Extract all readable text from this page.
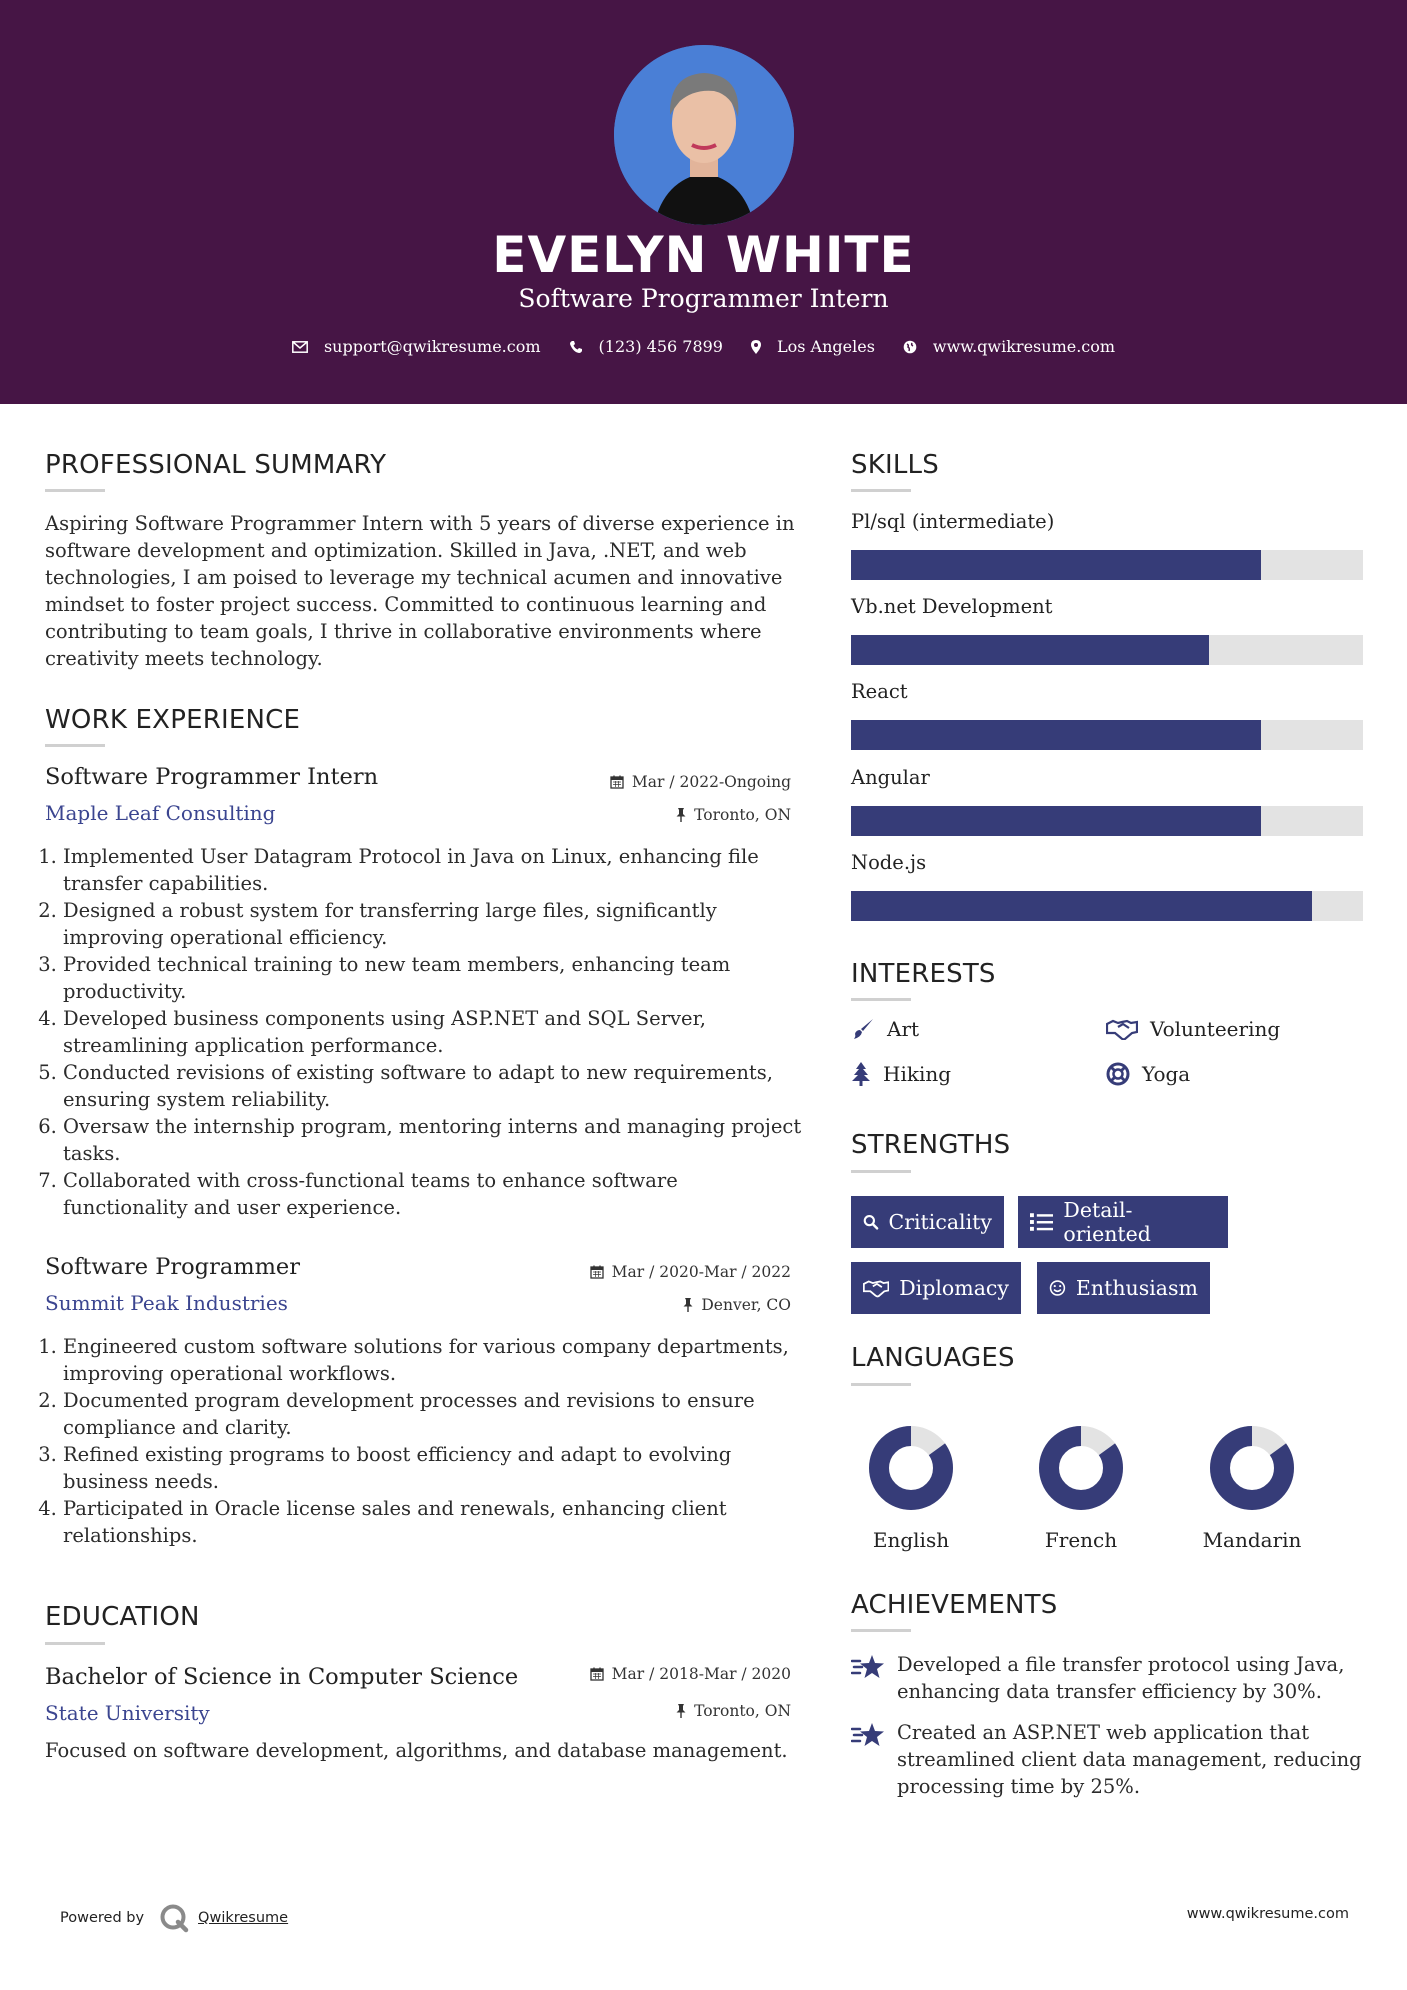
EVELYN WHITE
Software Programmer Intern
support@qwikresume.com	(123) 456 7899	Los Angeles	www.qwikresume.com
PROFESSIONAL SUMMARY
Aspiring Software Programmer Intern with 5 years of diverse experience in
software development and optimization. Skilled in Java, .NET, and web
technologies, I am poised to leverage my technical acumen and innovative
mindset to foster project success. Committed to continuous learning and
contributing to team goals, I thrive in collaborative environments where
creativity meets technology.
WORK EXPERIENCE
Software Programmer Intern	Mar / 2022-Ongoing
Maple Leaf Consulting	Toronto, ON
1. Implemented User Datagram Protocol in Java on Linux, enhancing file
transfer capabilities.
2. Designed a robust system for transferring large files, significantly
improving operational efficiency.
3. Provided technical training to new team members, enhancing team
productivity.
4. Developed business components using ASP.NET and SQL Server,
streamlining application performance.
5. Conducted revisions of existing software to adapt to new requirements,
ensuring system reliability.
6. Oversaw the internship program, mentoring interns and managing project
tasks.
7. Collaborated with cross-functional teams to enhance software
functionality and user experience.
Software Programmer	Mar / 2020-Mar / 2022
Summit Peak Industries	Denver, CO
1. Engineered custom software solutions for various company departments,
improving operational workflows.
2. Documented program development processes and revisions to ensure
compliance and clarity.
3. Refined existing programs to boost efficiency and adapt to evolving
business needs.
4. Participated in Oracle license sales and renewals, enhancing client
relationships.
EDUCATION
Bachelor of Science in Computer Science	Mar / 2018-Mar / 2020
State University	Toronto, ON
Focused on software development, algorithms, and database management.
SKILLS
Pl/sql (intermediate)
Vb.net Development
React
Angular
Node.js
INTERESTS
Art	Volunteering
Hiking	Yoga
STRENGTHS
Criticality	Detail-oriented
Diplomacy	Enthusiasm
LANGUAGES
English	French	Mandarin
ACHIEVEMENTS
Developed a file transfer protocol using Java,
enhancing data transfer efficiency by 30%.
Created an ASP.NET web application that
streamlined client data management, reducing
processing time by 25%.
Powered by	Qwikresume	www.qwikresume.com
